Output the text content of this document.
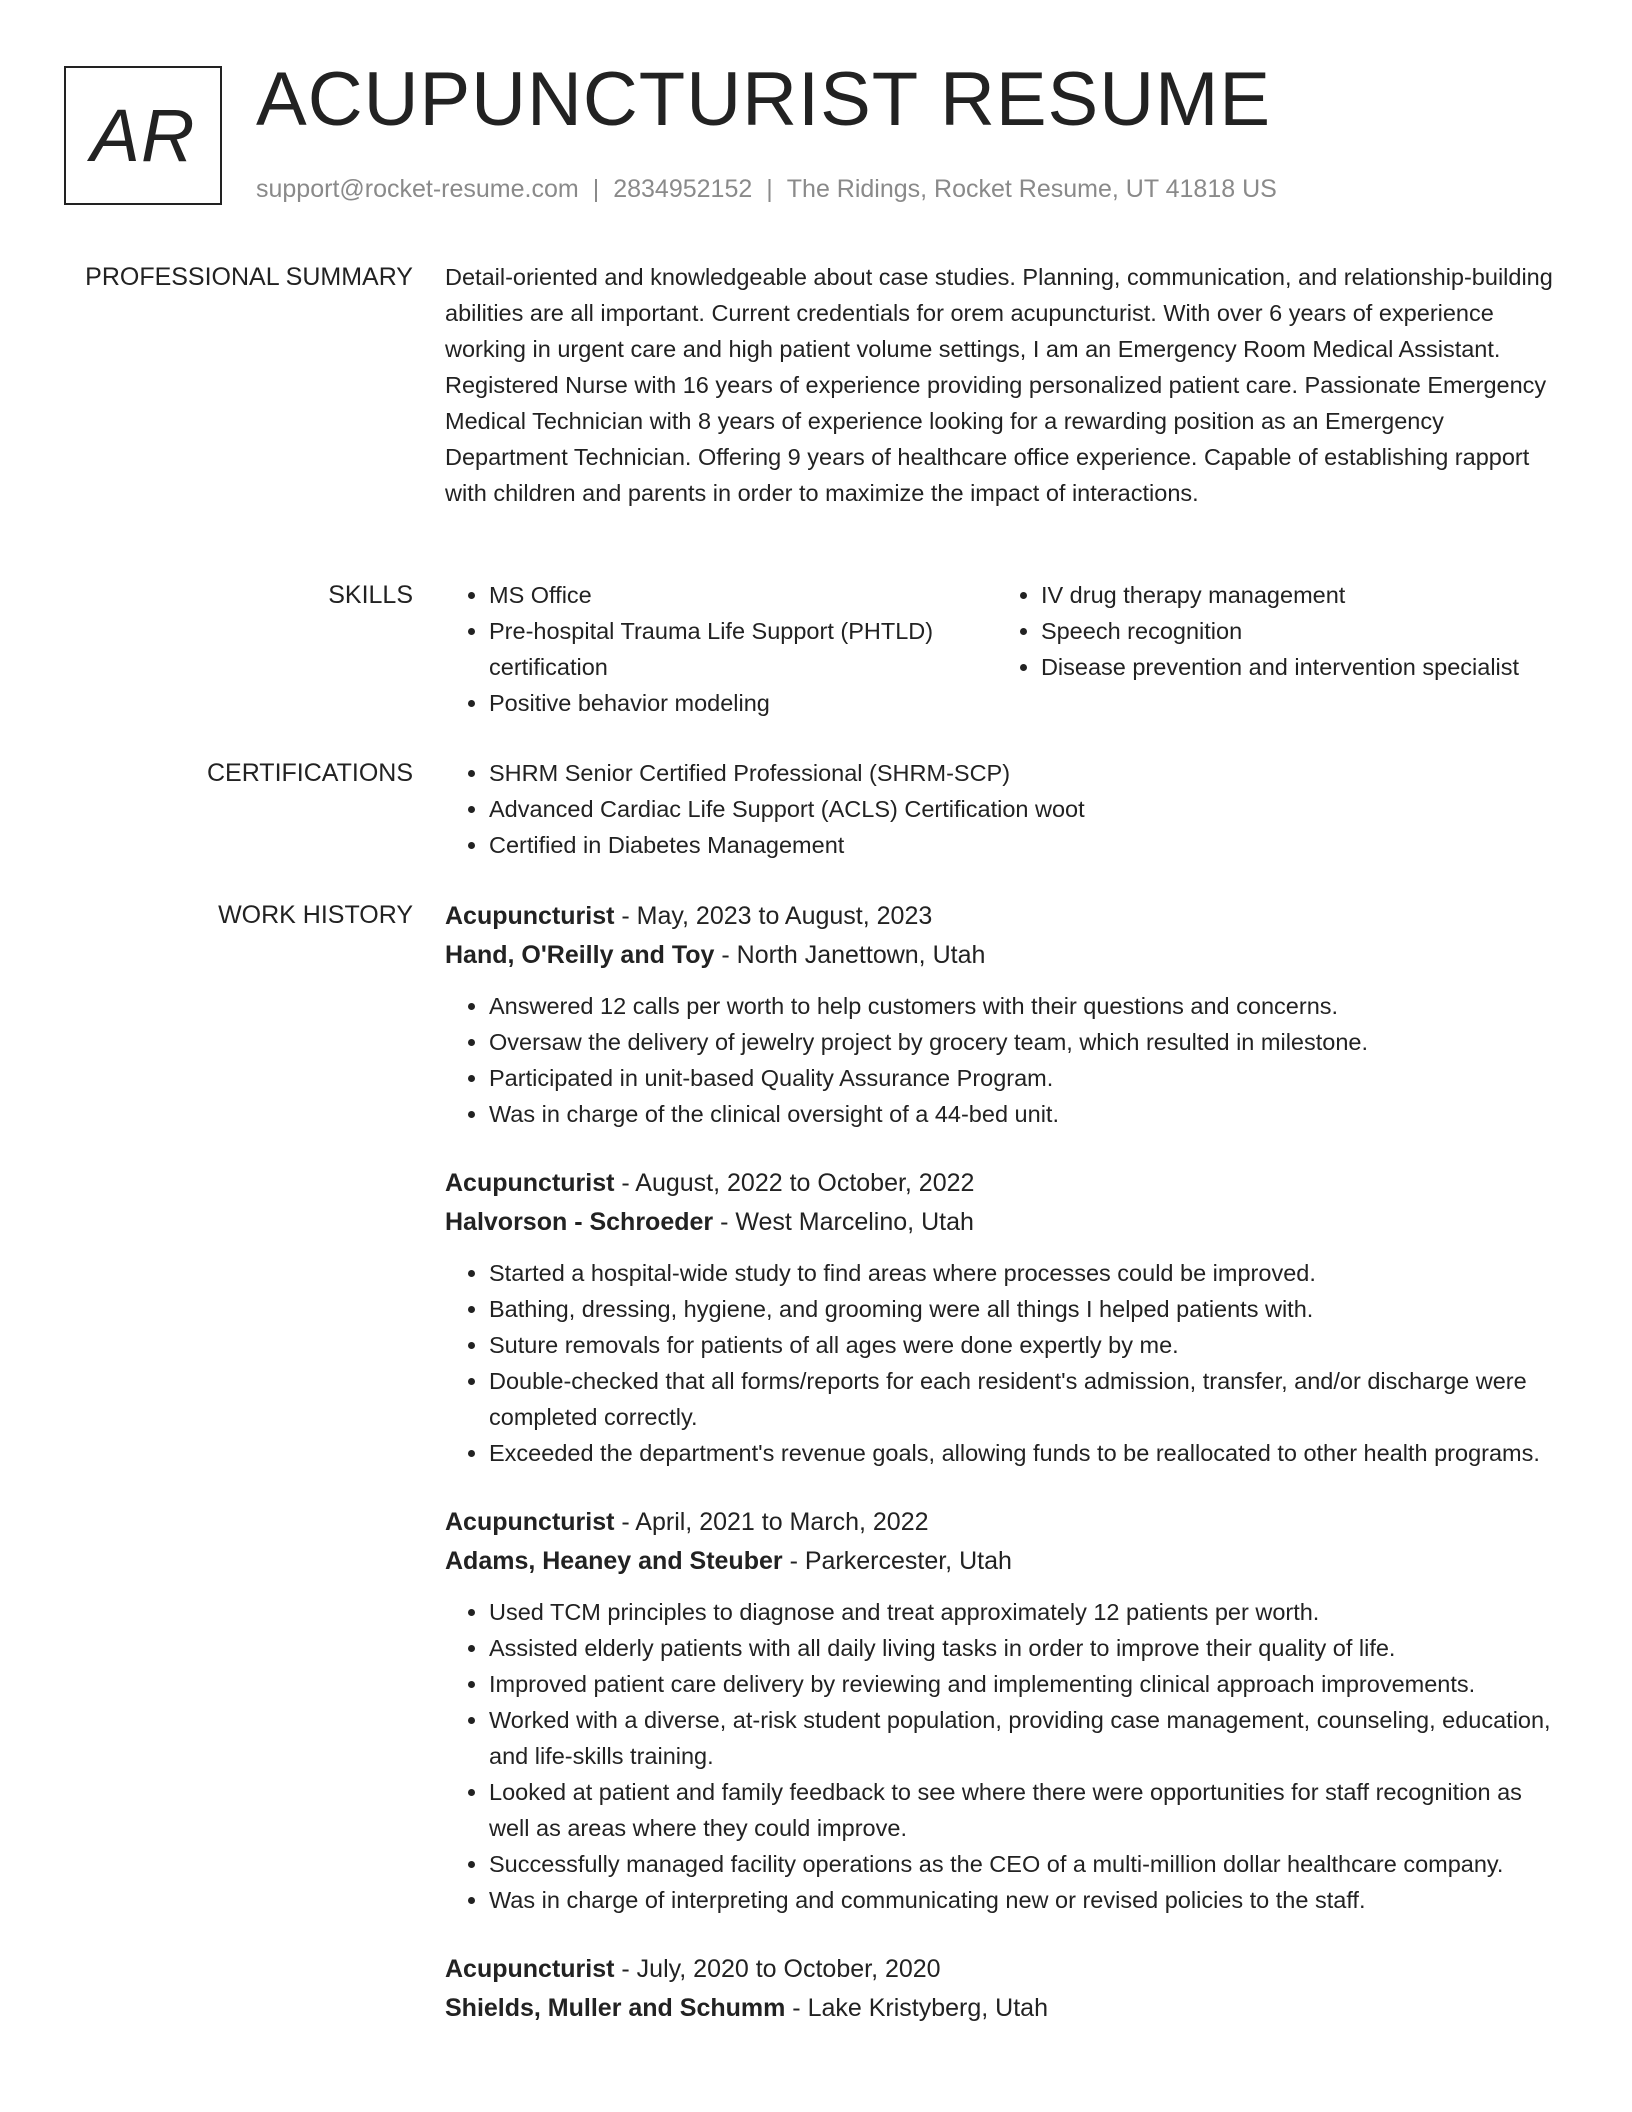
AR ACUPUNCTURIST RESUME
support@rocket-resume.com | 2834952152 | The Ridings, Rocket Resume, UT 41818 US
PROFESSIONAL SUMMARY Detail-oriented and knowledgeable about case studies. Planning, communication, and relationship-building abilities are all important. Current credentials for orem acupuncturist. With over 6 years of experience working in urgent care and high patient volume settings, I am an Emergency Room Medical Assistant. Registered Nurse with 16 years of experience providing personalized patient care. Passionate Emergency Medical Technician with 8 years of experience looking for a rewarding position as an Emergency Department Technician. Offering 9 years of healthcare office experience. Capable of establishing rapport with children and parents in order to maximize the impact of interactions.

SKILLS	• MS Office
• Pre-hospital Trauma Life Support (PHTLD) certification
• Positive behavior modeling
• IV drug therapy management
• Speech recognition
• Disease prevention and intervention specialist
CERTIFICATIONS	• SHRM Senior Certified Professional (SHRM-SCP)
• Advanced Cardiac Life Support (ACLS) Certification woot
• Certified in Diabetes Management
WORK HISTORY Acupuncturist - May, 2023 to August, 2023
Hand, O'Reilly and Toy - North Janettown, Utah
• Answered 12 calls per worth to help customers with their questions and concerns.
• Oversaw the delivery of jewelry project by grocery team, which resulted in milestone.
• Participated in unit-based Quality Assurance Program.
• Was in charge of the clinical oversight of a 44-bed unit.
Acupuncturist - August, 2022 to October, 2022
Halvorson - Schroeder - West Marcelino, Utah
• Started a hospital-wide study to find areas where processes could be improved.
• Bathing, dressing, hygiene, and grooming were all things I helped patients with.
• Suture removals for patients of all ages were done expertly by me.
• Double-checked that all forms/reports for each resident's admission, transfer, and/or discharge were completed correctly.
• Exceeded the department's revenue goals, allowing funds to be reallocated to other health programs.
Acupuncturist - April, 2021 to March, 2022
Adams, Heaney and Steuber - Parkercester, Utah
• Used TCM principles to diagnose and treat approximately 12 patients per worth.
• Assisted elderly patients with all daily living tasks in order to improve their quality of life.
• Improved patient care delivery by reviewing and implementing clinical approach improvements.
• Worked with a diverse, at-risk student population, providing case management, counseling, education, and life-skills training.
• Looked at patient and family feedback to see where there were opportunities for staff recognition as well as areas where they could improve.
• Successfully managed facility operations as the CEO of a multi-million dollar healthcare company.
• Was in charge of interpreting and communicating new or revised policies to the staff.
Acupuncturist - July, 2020 to October, 2020
Shields, Muller and Schumm - Lake Kristyberg, Utah
